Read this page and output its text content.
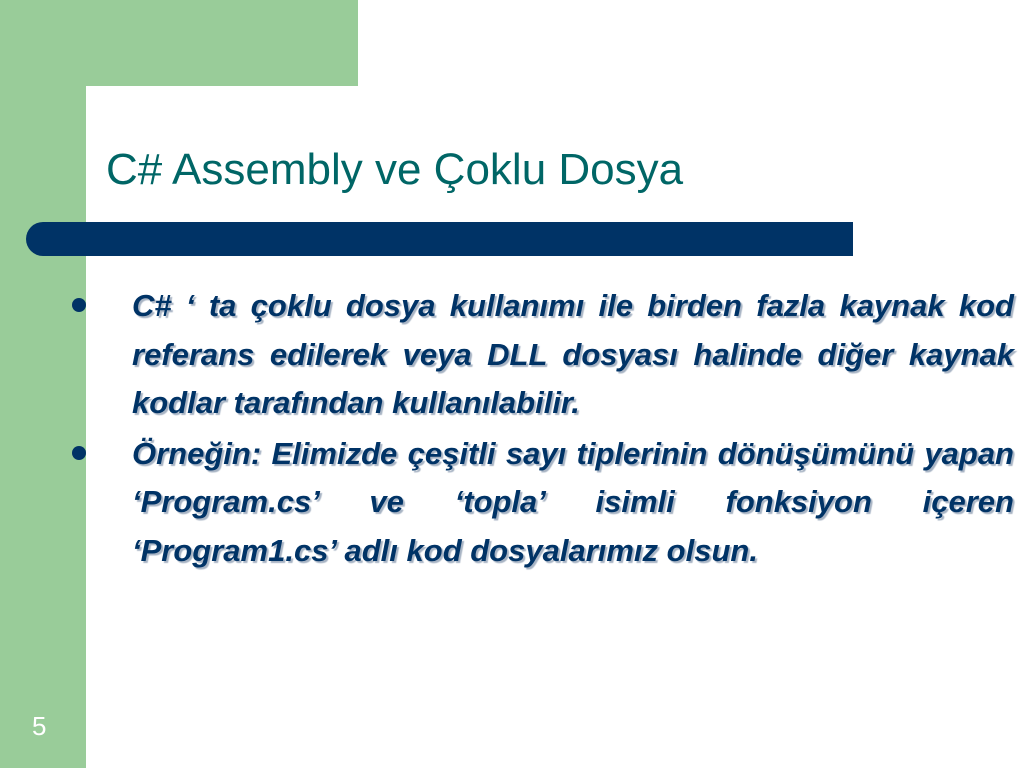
C# Assembly ve Çoklu Dosya
C# ‘ ta çoklu dosya kullanımı ile birden fazla kaynak kod referans edilerek veya DLL dosyası halinde diğer kaynak kodlar tarafından kullanılabilir.
Örneğin: Elimizde çeşitli sayı tiplerinin dönüşümünü yapan ‘Program.cs’ ve ‘topla’ isimli fonksiyon içeren ‘Program1.cs’ adlı kod dosyalarımız olsun.
5
